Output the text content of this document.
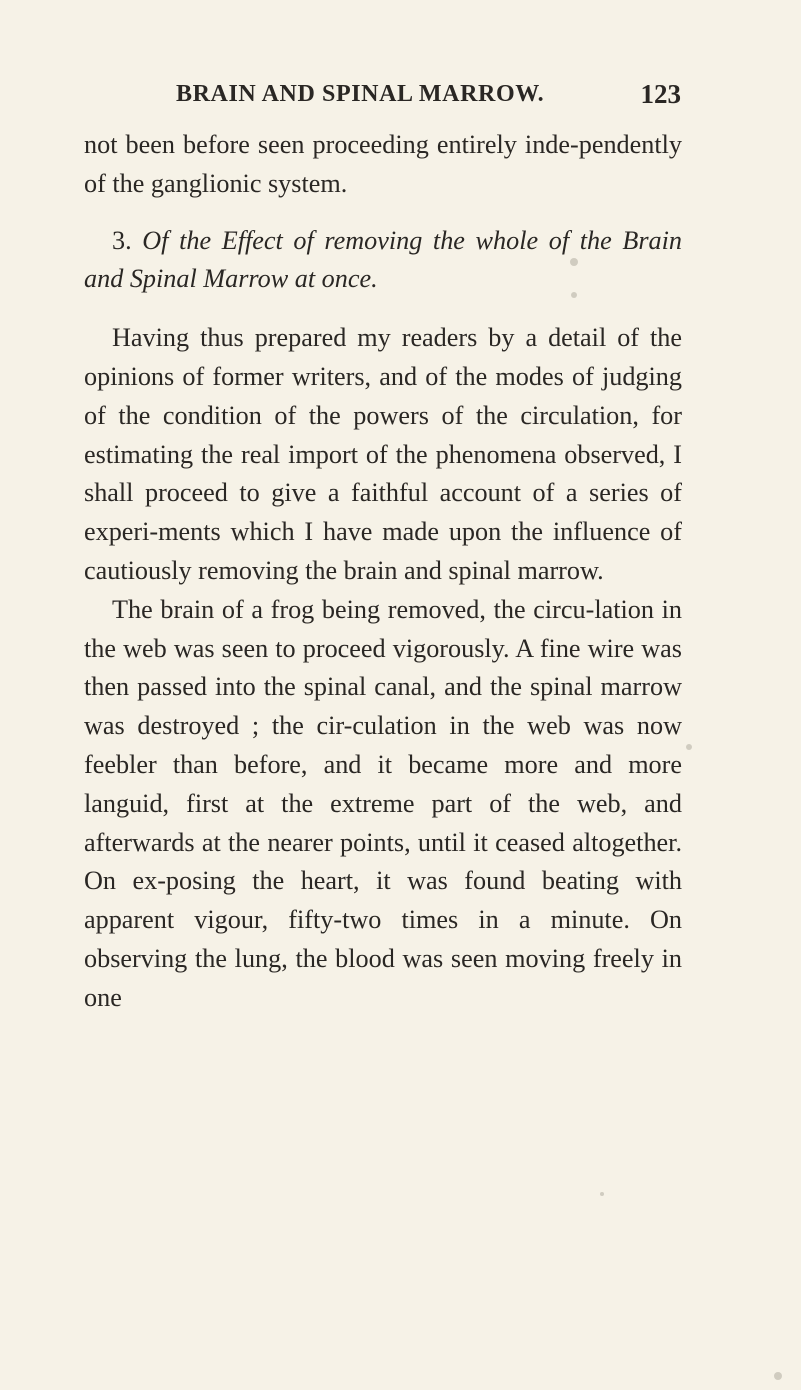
BRAIN AND SPINAL MARROW.	123

not been before seen proceeding entirely inde-pendently of the ganglionic system.

3. Of the Effect of removing the whole of the Brain and Spinal Marrow at once.

Having thus prepared my readers by a detail of the opinions of former writers, and of the modes of judging of the condition of the powers of the circulation, for estimating the real import of the phenomena observed, I shall proceed to give a faithful account of a series of experi-ments which I have made upon the influence of cautiously removing the brain and spinal marrow.

The brain of a frog being removed, the circu-lation in the web was seen to proceed vigorously. A fine wire was then passed into the spinal canal, and the spinal marrow was destroyed ; the cir-culation in the web was now feebler than before, and it became more and more languid, first at the extreme part of the web, and afterwards at the nearer points, until it ceased altogether. On ex-posing the heart, it was found beating with apparent vigour, fifty-two times in a minute. On observing the lung, the blood was seen moving freely in one
